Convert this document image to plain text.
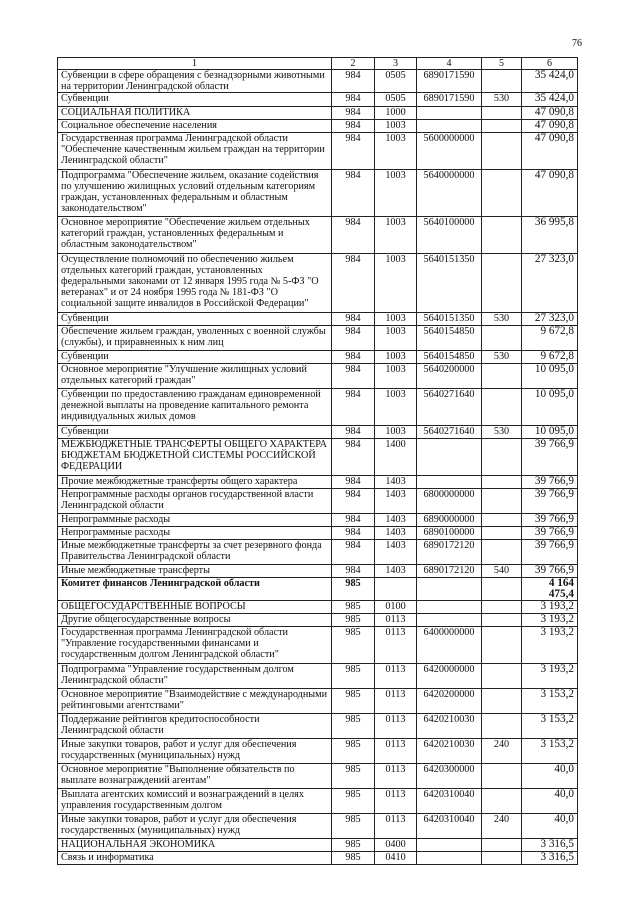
76
1	2	3	4	5	6
Субвенции в сфере обращения с безнадзорными животными на территории Ленинградской области	984	0505	6890171590		35 424,0
Субвенции	984	0505	6890171590	530	35 424,0
СОЦИАЛЬНАЯ ПОЛИТИКА	984	1000			47 090,8
Социальное обеспечение населения	984	1003			47 090,8
Государственная программа Ленинградской области "Обеспечение качественным жильем граждан на территории Ленинградской области"	984	1003	5600000000		47 090,8
Подпрограмма "Обеспечение жильем, оказание содействия по улучшению жилищных условий отдельным категориям граждан, установленных федеральным и областным законодательством"	984	1003	5640000000		47 090,8
Основное мероприятие "Обеспечение жильем отдельных категорий граждан, установленных федеральным и областным законодательством"	984	1003	5640100000		36 995,8
Осуществление полномочий по обеспечению жильем отдельных категорий граждан, установленных федеральными законами от 12 января 1995 года № 5-ФЗ "О ветеранах" и от 24 ноября 1995 года № 181-ФЗ "О социальной защите инвалидов в Российской Федерации"	984	1003	5640151350		27 323,0
Субвенции	984	1003	5640151350	530	27 323,0
Обеспечение жильем граждан, уволенных с военной службы (службы), и приравненных к ним лиц	984	1003	5640154850		9 672,8
Субвенции	984	1003	5640154850	530	9 672,8
Основное мероприятие "Улучшение жилищных условий отдельных категорий граждан"	984	1003	5640200000		10 095,0
Субвенции по предоставлению гражданам единовременной денежной выплаты на проведение капитального ремонта индивидуальных жилых домов	984	1003	5640271640		10 095,0
Субвенции	984	1003	5640271640	530	10 095,0
МЕЖБЮДЖЕТНЫЕ ТРАНСФЕРТЫ ОБЩЕГО ХАРАКТЕРА БЮДЖЕТАМ БЮДЖЕТНОЙ СИСТЕМЫ РОССИЙСКОЙ ФЕДЕРАЦИИ	984	1400			39 766,9
Прочие межбюджетные трансферты общего характера	984	1403			39 766,9
Непрограммные расходы органов государственной власти Ленинградской области	984	1403	6800000000		39 766,9
Непрограммные расходы	984	1403	6890000000		39 766,9
Непрограммные расходы	984	1403	6890100000		39 766,9
Иные межбюджетные трансферты за счет резервного фонда Правительства Ленинградской области	984	1403	6890172120		39 766,9
Иные межбюджетные трансферты	984	1403	6890172120	540	39 766,9
Комитет финансов Ленинградской области	985				4 164 475,4
ОБЩЕГОСУДАРСТВЕННЫЕ ВОПРОСЫ	985	0100			3 193,2
Другие общегосударственные вопросы	985	0113			3 193,2
Государственная программа Ленинградской области "Управление государственными финансами и государственным долгом Ленинградской области"	985	0113	6400000000		3 193,2
Подпрограмма "Управление государственным долгом Ленинградской области"	985	0113	6420000000		3 193,2
Основное мероприятие "Взаимодействие с международными рейтинговыми агентствами"	985	0113	6420200000		3 153,2
Поддержание рейтингов кредитоспособности Ленинградской области	985	0113	6420210030		3 153,2
Иные закупки товаров, работ и услуг для обеспечения государственных (муниципальных) нужд	985	0113	6420210030	240	3 153,2
Основное мероприятие "Выполнение обязательств по выплате вознаграждений агентам"	985	0113	6420300000		40,0
Выплата агентских комиссий и вознаграждений в целях управления государственным долгом	985	0113	6420310040		40,0
Иные закупки товаров, работ и услуг для обеспечения государственных (муниципальных) нужд	985	0113	6420310040	240	40,0
НАЦИОНАЛЬНАЯ ЭКОНОМИКА	985	0400			3 316,5
Связь и информатика	985	0410			3 316,5
